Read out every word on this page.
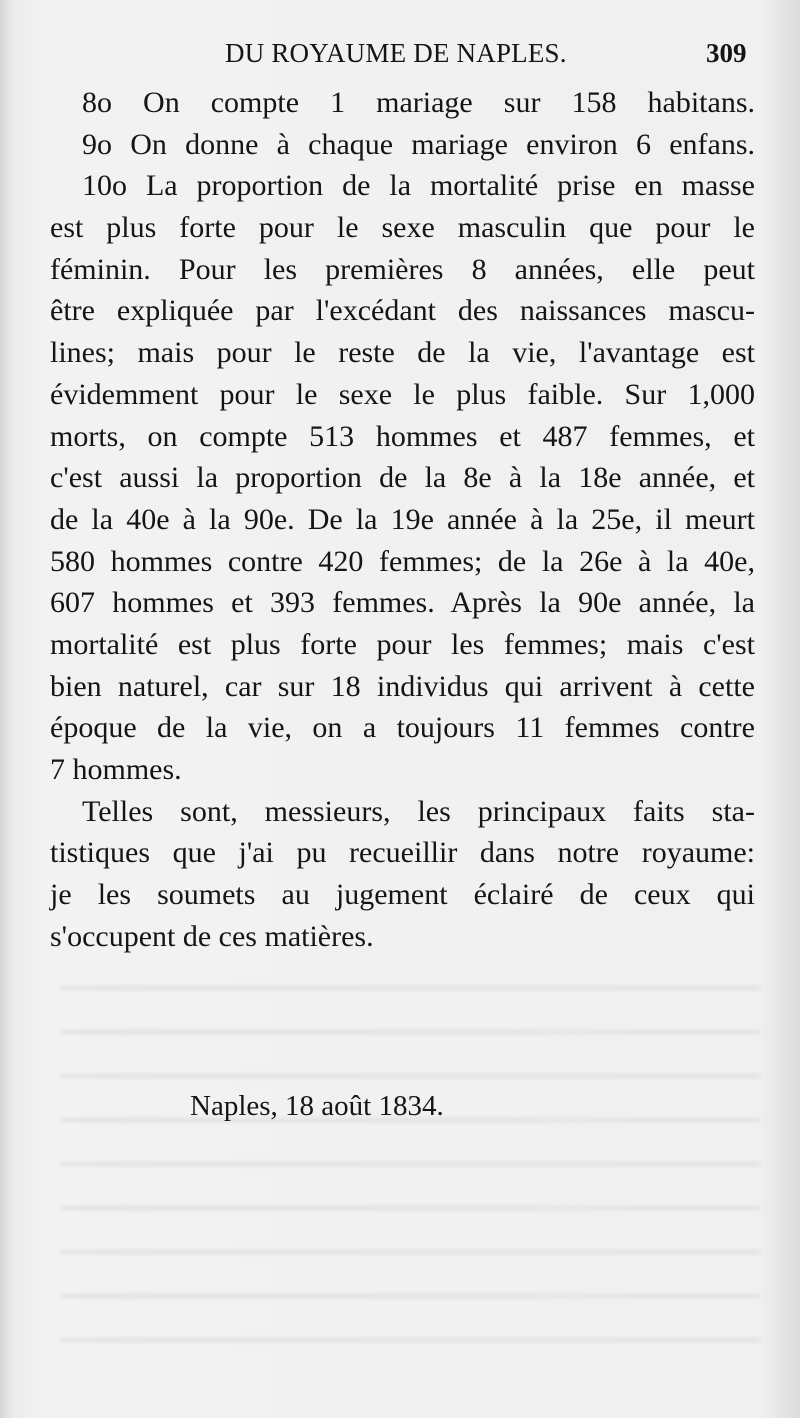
DU ROYAUME DE NAPLES.	309
8o On compte 1 mariage sur 158 habitans.
9o On donne à chaque mariage environ 6 enfans.
10o La proportion de la mortalité prise en masse
est plus forte pour le sexe masculin que pour le
féminin. Pour les premières 8 années, elle peut
être expliquée par l'excédant des naissances mascu-
lines; mais pour le reste de la vie, l'avantage est
évidemment pour le sexe le plus faible. Sur 1,000
morts, on compte 513 hommes et 487 femmes, et
c'est aussi la proportion de la 8e à la 18e année, et
de la 40e à la 90e. De la 19e année à la 25e, il meurt
580 hommes contre 420 femmes; de la 26e à la 40e,
607 hommes et 393 femmes. Après la 90e année, la
mortalité est plus forte pour les femmes; mais c'est
bien naturel, car sur 18 individus qui arrivent à cette
époque de la vie, on a toujours 11 femmes contre
7 hommes.
Telles sont, messieurs, les principaux faits sta-
tistiques que j'ai pu recueillir dans notre royaume:
je les soumets au jugement éclairé de ceux qui
s'occupent de ces matières.
Naples, 18 août 1834.
